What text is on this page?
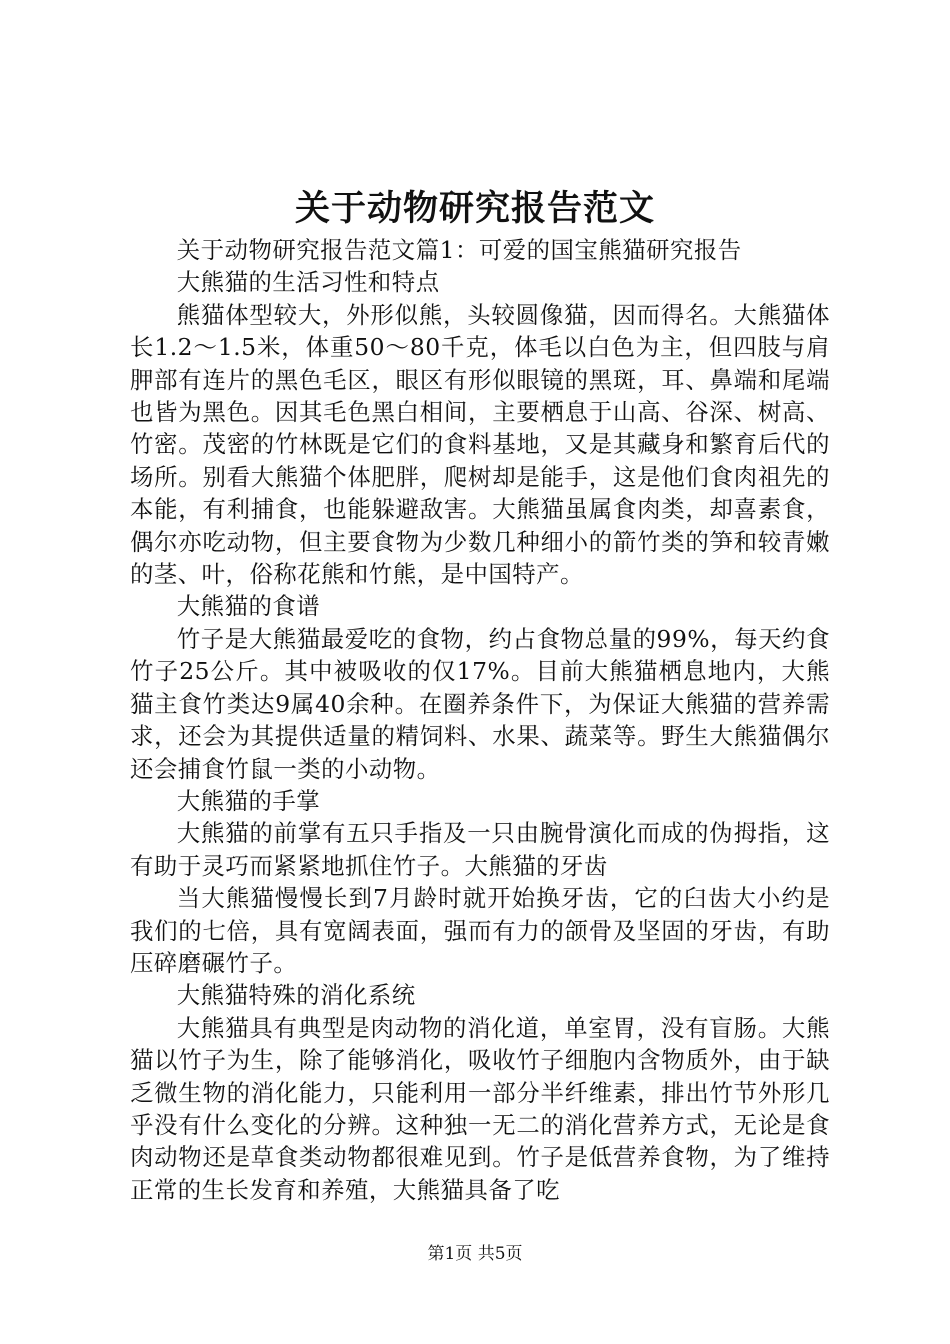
关于动物研究报告范文

关于动物研究报告范文篇1：可爱的国宝熊猫研究报告

大熊猫的生活习性和特点

熊猫体型较大，外形似熊，头较圆像猫，因而得名。大熊猫体长1.2～1.5米，体重50～80千克，体毛以白色为主，但四肢与肩胛部有连片的黑色毛区，眼区有形似眼镜的黑斑，耳、鼻端和尾端也皆为黑色。因其毛色黑白相间，主要栖息于山高、谷深、树高、竹密。茂密的竹林既是它们的食料基地，又是其藏身和繁育后代的场所。别看大熊猫个体肥胖，爬树却是能手，这是他们食肉祖先的本能，有利捕食，也能躲避敌害。大熊猫虽属食肉类，却喜素食，偶尔亦吃动物，但主要食物为少数几种细小的箭竹类的笋和较青嫩的茎、叶，俗称花熊和竹熊，是中国特产。

大熊猫的食谱

竹子是大熊猫最爱吃的食物，约占食物总量的99%，每天约食竹子25公斤。其中被吸收的仅17%。目前大熊猫栖息地内，大熊猫主食竹类达9属40余种。在圈养条件下，为保证大熊猫的营养需求，还会为其提供适量的精饲料、水果、蔬菜等。野生大熊猫偶尔还会捕食竹鼠一类的小动物。

大熊猫的手掌

大熊猫的前掌有五只手指及一只由腕骨演化而成的伪拇指，这有助于灵巧而紧紧地抓住竹子。大熊猫的牙齿

当大熊猫慢慢长到7月龄时就开始换牙齿，它的臼齿大小约是我们的七倍，具有宽阔表面，强而有力的颌骨及坚固的牙齿，有助压碎磨碾竹子。

大熊猫特殊的消化系统

大熊猫具有典型是肉动物的消化道，单室胃，没有盲肠。大熊猫以竹子为生，除了能够消化，吸收竹子细胞内含物质外，由于缺乏微生物的消化能力，只能利用一部分半纤维素，排出竹节外形几乎没有什么变化的分辨。这种独一无二的消化营养方式，无论是食肉动物还是草食类动物都很难见到。竹子是低营养食物，为了维持正常的生长发育和养殖，大熊猫具备了吃

第1页 共5页
